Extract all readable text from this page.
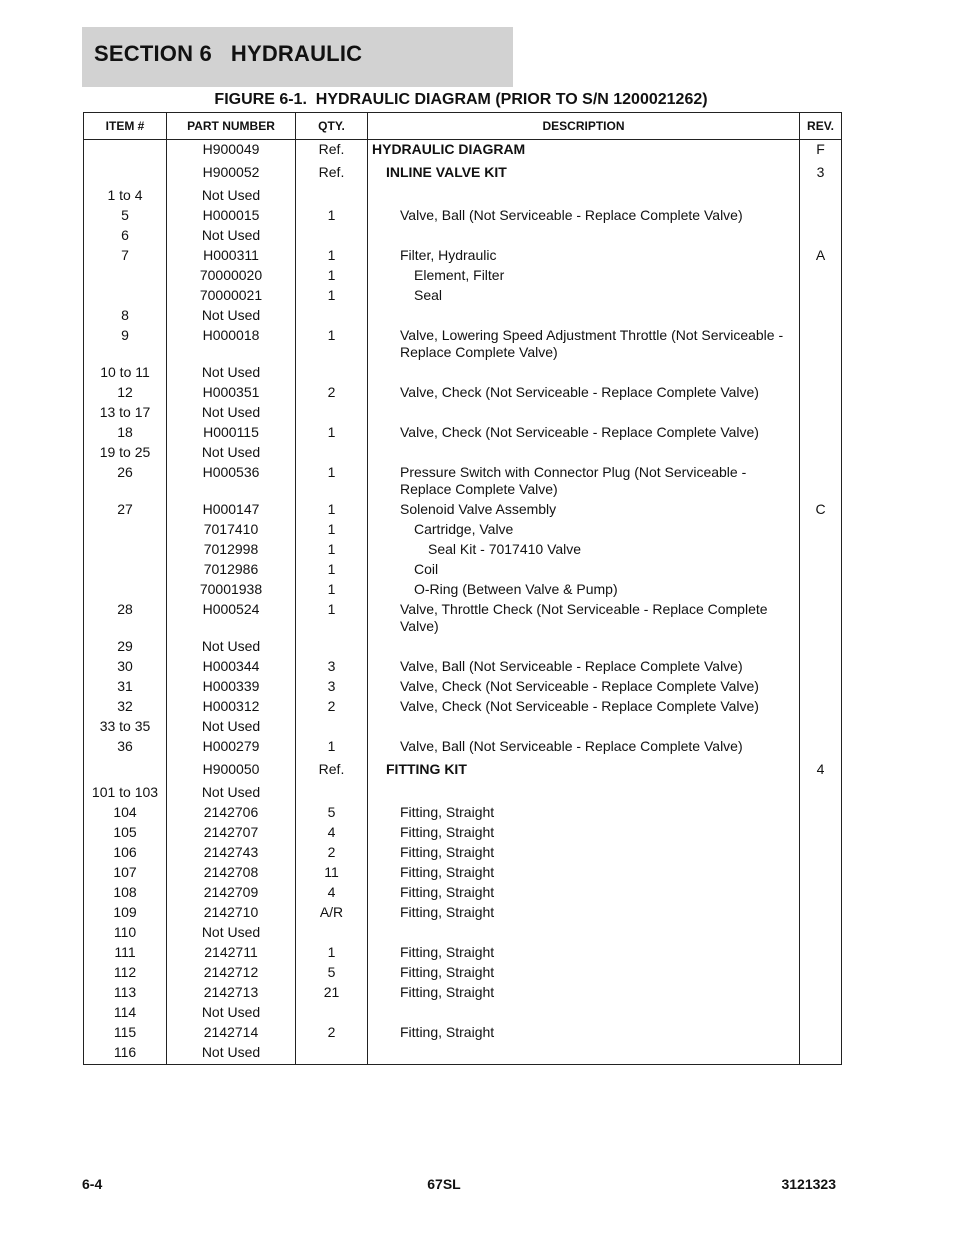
SECTION 6   HYDRAULIC
FIGURE 6-1.  HYDRAULIC DIAGRAM (PRIOR TO S/N 1200021262)
ITEM #	PART NUMBER	QTY.	DESCRIPTION	REV.
	H900049	Ref.	HYDRAULIC DIAGRAM	F
	H900052	Ref.	INLINE VALVE KIT	3
1 to 4	Not Used		

5	H000015	1	Valve, Ball (Not Serviceable - Replace Complete Valve)	

6	Not Used		

7	H000311	1	Filter, Hydraulic	A
	70000020	1	Element, Filter	

	70000021	1	Seal	

8	Not Used		

9	H000018	1	Valve, Lowering Speed Adjustment Throttle (Not Serviceable - Replace Complete Valve)	

10 to 11	Not Used		

12	H000351	2	Valve, Check (Not Serviceable - Replace Complete Valve)	

13 to 17	Not Used		

18	H000115	1	Valve, Check (Not Serviceable - Replace Complete Valve)	

19 to 25	Not Used		

26	H000536	1	Pressure Switch with Connector Plug (Not Serviceable - Replace Complete Valve)	

27	H000147	1	Solenoid Valve Assembly	C
	7017410	1	Cartridge, Valve	

	7012998	1	Seal Kit - 7017410 Valve	

	7012986	1	Coil	

	70001938	1	O-Ring (Between Valve & Pump)	

28	H000524	1	Valve, Throttle Check (Not Serviceable - Replace Complete Valve)	

29	Not Used		

30	H000344	3	Valve, Ball (Not Serviceable - Replace Complete Valve)	

31	H000339	3	Valve, Check (Not Serviceable - Replace Complete Valve)	

32	H000312	2	Valve, Check (Not Serviceable - Replace Complete Valve)	

33 to 35	Not Used		

36	H000279	1	Valve, Ball (Not Serviceable - Replace Complete Valve)	

	H900050	Ref.	FITTING KIT	4
101 to 103	Not Used		

104	2142706	5	Fitting, Straight	

105	2142707	4	Fitting, Straight	

106	2142743	2	Fitting, Straight	

107	2142708	11	Fitting, Straight	

108	2142709	4	Fitting, Straight	

109	2142710	A/R	Fitting, Straight	

110	Not Used		

111	2142711	1	Fitting, Straight	

112	2142712	5	Fitting, Straight	

113	2142713	21	Fitting, Straight	

114	Not Used		

115	2142714	2	Fitting, Straight	

116	Not Used		

6-4	67SL	3121323
